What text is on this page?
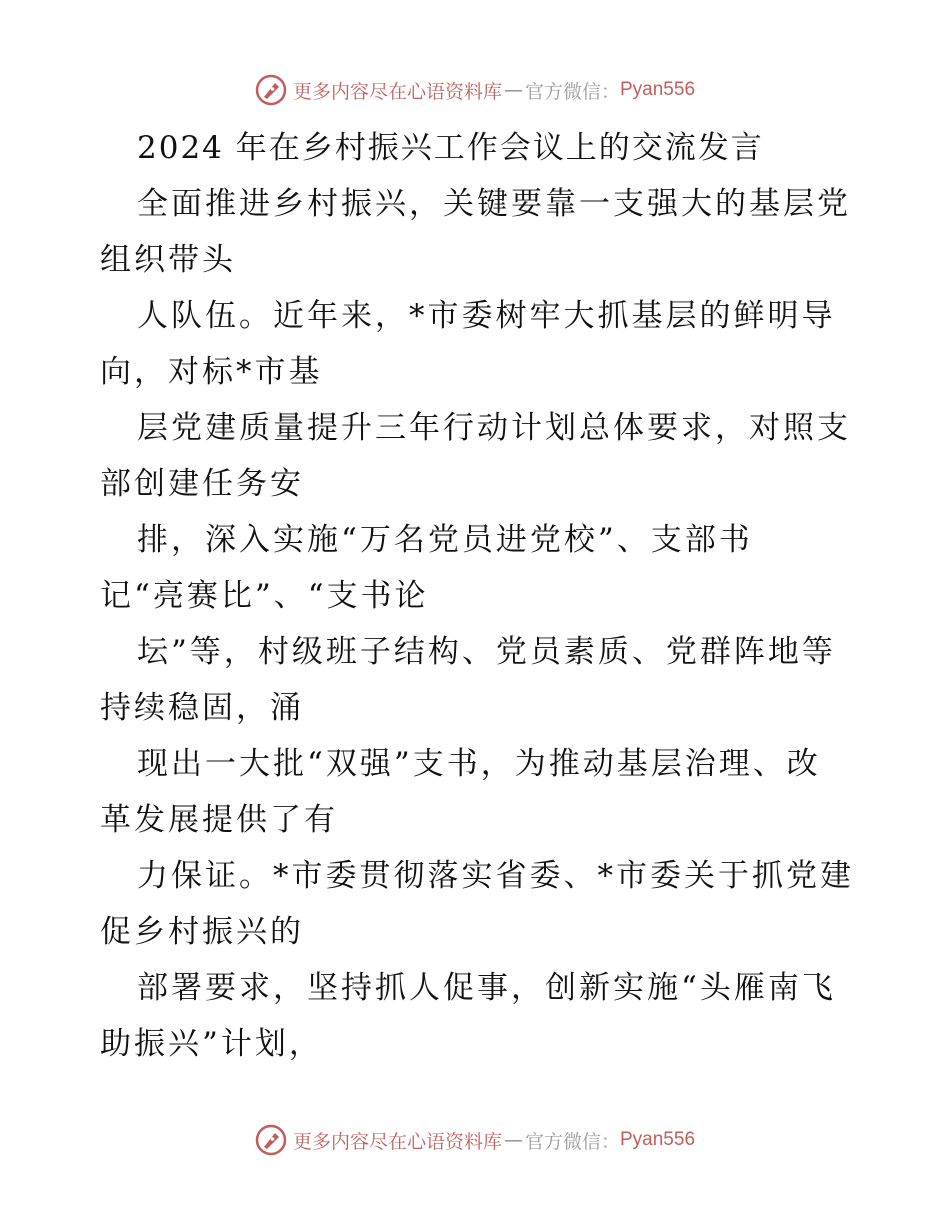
更多内容尽在心语资料库 — 官方微信： Pyan556

2024 年在乡村振兴工作会议上的交流发言

全面推进乡村振兴，关键要靠一支强大的基层党
组织带头

人队伍。近年来，*市委树牢大抓基层的鲜明导
向，对标*市基

层党建质量提升三年行动计划总体要求，对照支
部创建任务安

排，深入实施“万名党员进党校”、支部书
记“亮赛比”、“支书论

坛”等，村级班子结构、党员素质、党群阵地等
持续稳固，涌

现出一大批“双强”支书，为推动基层治理、改
革发展提供了有

力保证。*市委贯彻落实省委、*市委关于抓党建
促乡村振兴的

部署要求，坚持抓人促事，创新实施“头雁南飞
助振兴”计划，

更多内容尽在心语资料库 — 官方微信： Pyan556
